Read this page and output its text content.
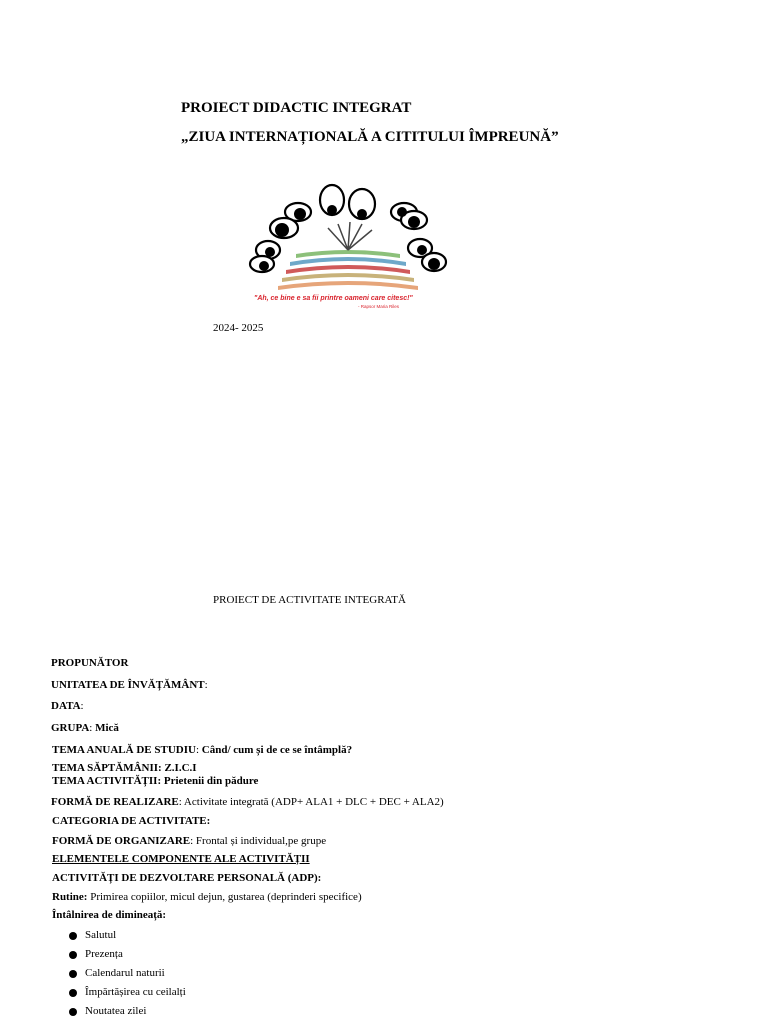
PROIECT DIDACTIC INTEGRAT
„ZIUA INTERNAȚIONALĂ A CITITULUI ÎMPREUNĂ”
"Ah, ce bine e sa fii printre oameni care citesc!"
- Rapsor Maria Riles
2024- 2025
PROIECT DE ACTIVITATE INTEGRATĂ
PROPUNĂTOR
UNITATEA DE ÎNVĂȚĂMÂNT:
DATA:
GRUPA: Mică
TEMA ANUALĂ DE STUDIU: Când/ cum și de ce se întâmplă?
TEMA SĂPTĂMÂNII: Z.I.C.I
TEMA ACTIVITĂȚII: Prietenii din pădure
FORMĂ DE REALIZARE: Activitate integrată (ADP+ ALA1 + DLC + DEC + ALA2)
CATEGORIA DE ACTIVITATE:
FORMĂ DE ORGANIZARE: Frontal și individual,pe grupe
ELEMENTELE COMPONENTE ALE ACTIVITĂȚII
ACTIVITĂȚI DE DEZVOLTARE PERSONALĂ (ADP):
Rutine: Primirea copiilor, micul dejun, gustarea (deprinderi specifice)
Întâlnirea de dimineață:
Salutul
Prezența
Calendarul naturii
Împărtășirea cu ceilalți
Noutatea zilei
